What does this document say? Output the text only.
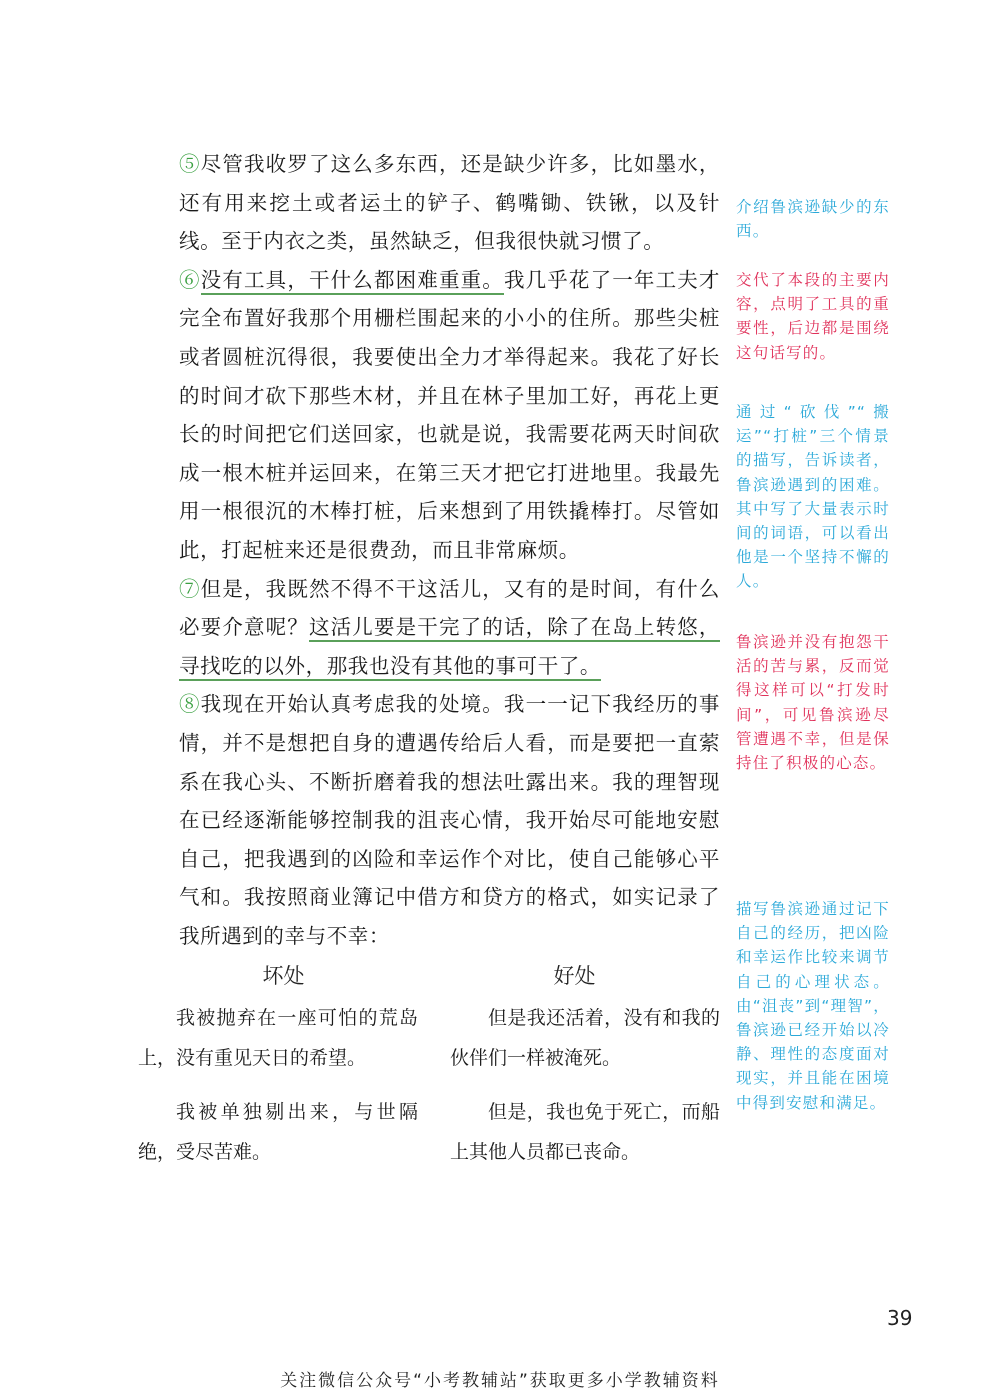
⑤尽管我收罗了这么多东西，还是缺少许多，比如墨水，还有用来挖土或者运土的铲子、鹤嘴锄、铁锹，以及针线。至于内衣之类，虽然缺乏，但我很快就习惯了。

⑥没有工具，干什么都困难重重。我几乎花了一年工夫才完全布置好我那个用栅栏围起来的小小的住所。那些尖桩或者圆桩沉得很，我要使出全力才举得起来。我花了好长的时间才砍下那些木材，并且在林子里加工好，再花上更长的时间把它们送回家，也就是说，我需要花两天时间砍成一根木桩并运回来，在第三天才把它打进地里。我最先用一根很沉的木棒打桩，后来想到了用铁撬棒打。尽管如此，打起桩来还是很费劲，而且非常麻烦。

⑦但是，我既然不得不干这活儿，又有的是时间，有什么必要介意呢？这活儿要是干完了的话，除了在岛上转悠，寻找吃的以外，那我也没有其他的事可干了。

⑧我现在开始认真考虑我的处境。我一一记下我经历的事情，并不是想把自身的遭遇传给后人看，而是要把一直萦系在我心头、不断折磨着我的想法吐露出来。我的理智现在已经逐渐能够控制我的沮丧心情，我开始尽可能地安慰自己，把我遇到的凶险和幸运作个对比，使自己能够心平气和。我按照商业簿记中借方和贷方的格式，如实记录了我所遇到的幸与不幸：

坏处	好处
我被抛弃在一座可怕的荒岛上，没有重见天日的希望。
但是我还活着，没有和我的伙伴们一样被淹死。
我被单独剔出来，与世隔绝，受尽苦难。
但是，我也免于死亡，而船上其他人员都已丧命。
介绍鲁滨逊缺少的东西。
交代了本段的主要内容，点明了工具的重要性，后边都是围绕这句话写的。
通过“砍伐”“搬运”“打桩”三个情景的描写，告诉读者，鲁滨逊遇到的困难。其中写了大量表示时间的词语，可以看出他是一个坚持不懈的人。
鲁滨逊并没有抱怨干活的苦与累，反而觉得这样可以“打发时间”，可见鲁滨逊尽管遭遇不幸，但是保持住了积极的心态。
描写鲁滨逊通过记下自己的经历，把凶险和幸运作比较来调节自己的心理状态。由“沮丧”到“理智”，鲁滨逊已经开始以冷静、理性的态度面对现实，并且能在困境中得到安慰和满足。
39
关注微信公众号“小考教辅站”获取更多小学教辅资料
